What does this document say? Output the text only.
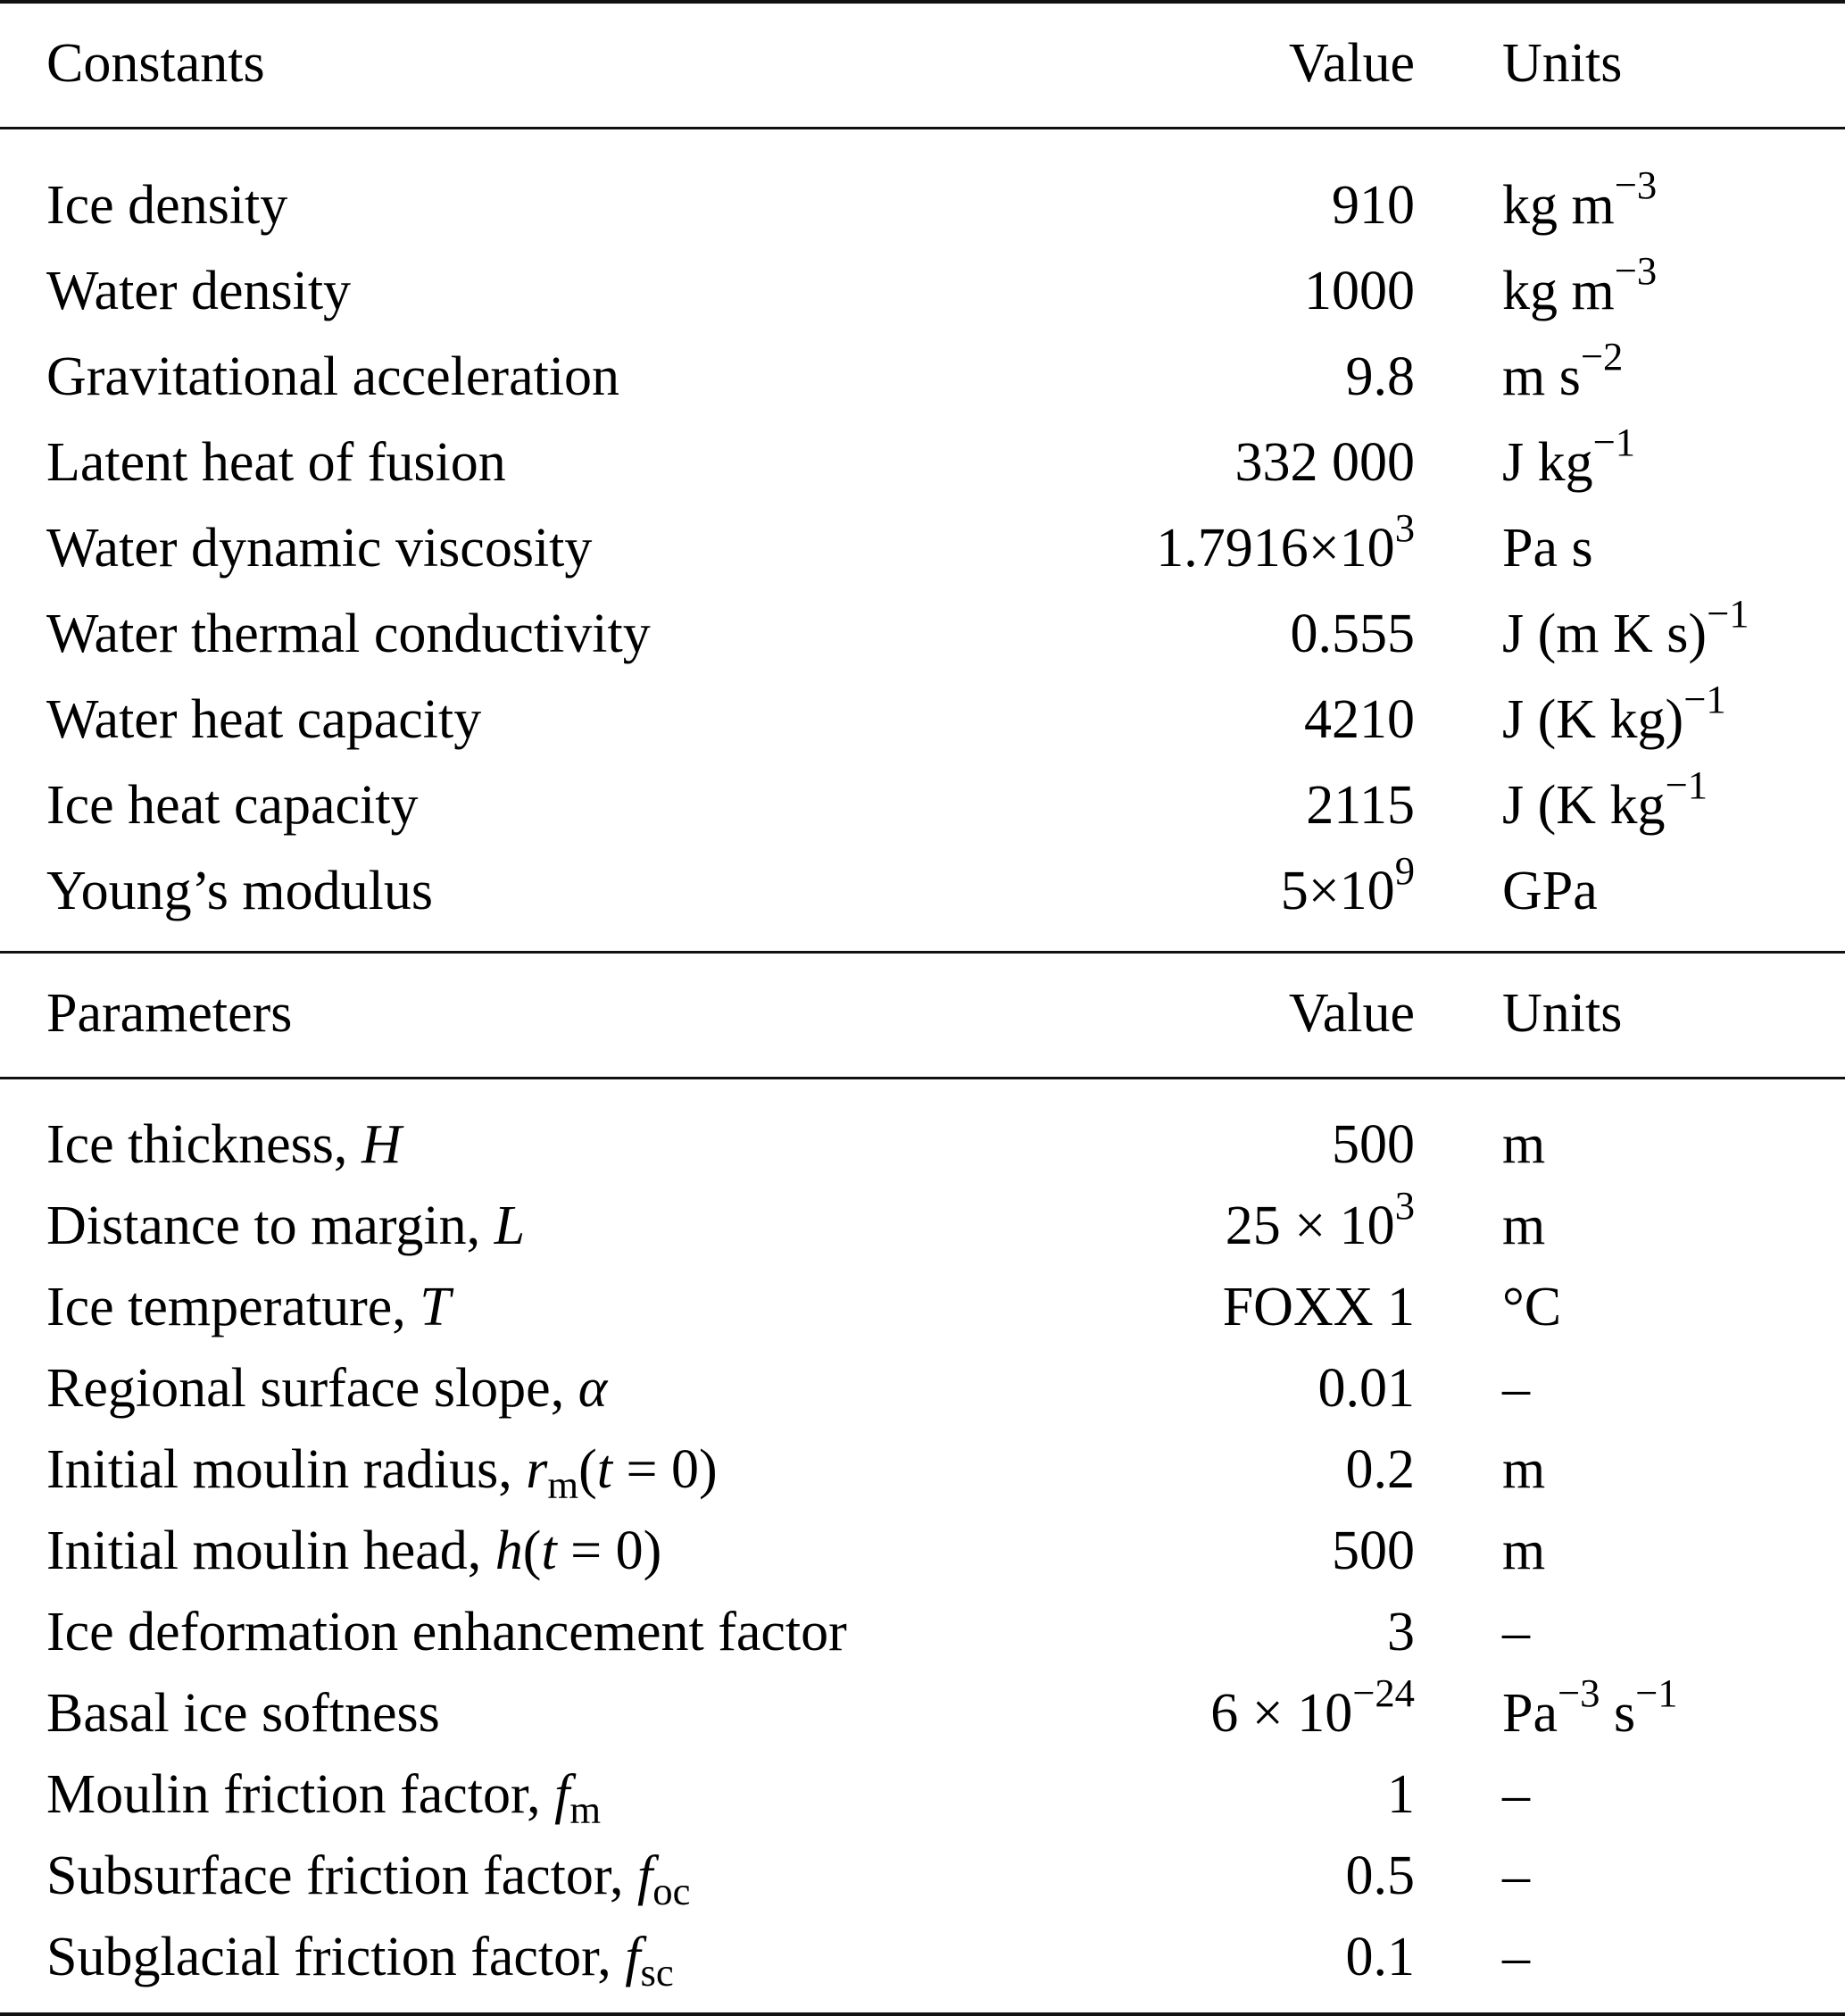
Constants	Value Units
Ice density	910 kg $m^{-3}$
Water density	1000 kg $m^{-3}$
Gravitational acceleration	9.8 m $s^{-2}$
Latent heat of fusion	332 000 J $kg^{-1}$
Water dynamic viscosity	$1.7916\times 10^3$ Pa s
Water thermal conductivity	0.555 J (m K s)$^{-1}$
Water heat capacity	4210 J (K kg)$^{-1}$
Ice heat capacity	2115 J (K $kg^{-1}$
Young’s modulus	$5\times 10^9$ GPa
Parameters	Value Units
Ice thickness, H	500 m
Distance to margin, L	$25 \times 10^3$ m
Ice temperature, T	FOXX 1 °C
Regional surface slope, α	0.01 –
Initial moulin radius, $r_m(t = 0)$	0.2 m
Initial moulin head, h(t = 0)	500 m
Ice deformation enhancement factor	3 –
Basal ice softness	$6 \times 10^{-24}$ $Pa^{-3}$ $s^{-1}$
Moulin friction factor, $f_m$	1 –
Subsurface friction factor, $f_{oc}$	0.5 –
Subglacial friction factor, $f_{sc}$	0.1 –
